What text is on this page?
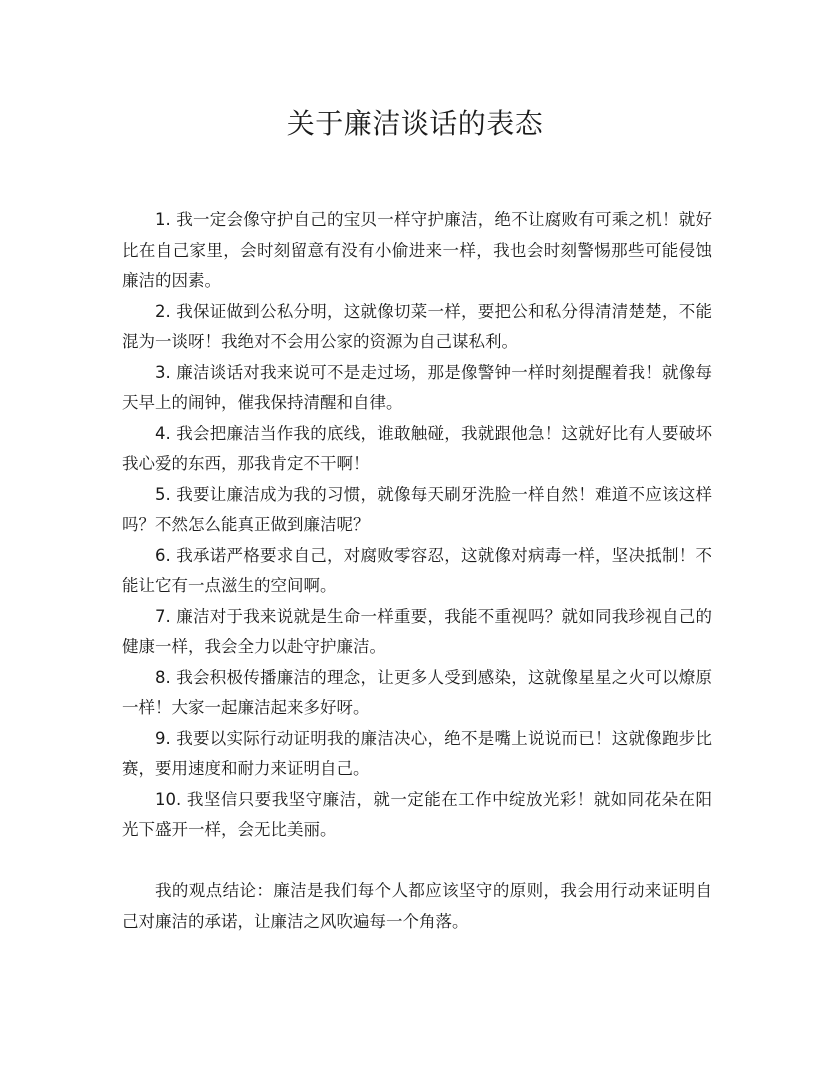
关于廉洁谈话的表态

1. 我一定会像守护自己的宝贝一样守护廉洁，绝不让腐败有可乘之机！就好比在自己家里，会时刻留意有没有小偷进来一样，我也会时刻警惕那些可能侵蚀廉洁的因素。

2. 我保证做到公私分明，这就像切菜一样，要把公和私分得清清楚楚，不能混为一谈呀！我绝对不会用公家的资源为自己谋私利。

3. 廉洁谈话对我来说可不是走过场，那是像警钟一样时刻提醒着我！就像每天早上的闹钟，催我保持清醒和自律。

4. 我会把廉洁当作我的底线，谁敢触碰，我就跟他急！这就好比有人要破坏我心爱的东西，那我肯定不干啊！

5. 我要让廉洁成为我的习惯，就像每天刷牙洗脸一样自然！难道不应该这样吗？不然怎么能真正做到廉洁呢？

6. 我承诺严格要求自己，对腐败零容忍，这就像对病毒一样，坚决抵制！不能让它有一点滋生的空间啊。

7. 廉洁对于我来说就是生命一样重要，我能不重视吗？就如同我珍视自己的健康一样，我会全力以赴守护廉洁。

8. 我会积极传播廉洁的理念，让更多人受到感染，这就像星星之火可以燎原一样！大家一起廉洁起来多好呀。

9. 我要以实际行动证明我的廉洁决心，绝不是嘴上说说而已！这就像跑步比赛，要用速度和耐力来证明自己。

10. 我坚信只要我坚守廉洁，就一定能在工作中绽放光彩！就如同花朵在阳光下盛开一样，会无比美丽。

我的观点结论：廉洁是我们每个人都应该坚守的原则，我会用行动来证明自己对廉洁的承诺，让廉洁之风吹遍每一个角落。
